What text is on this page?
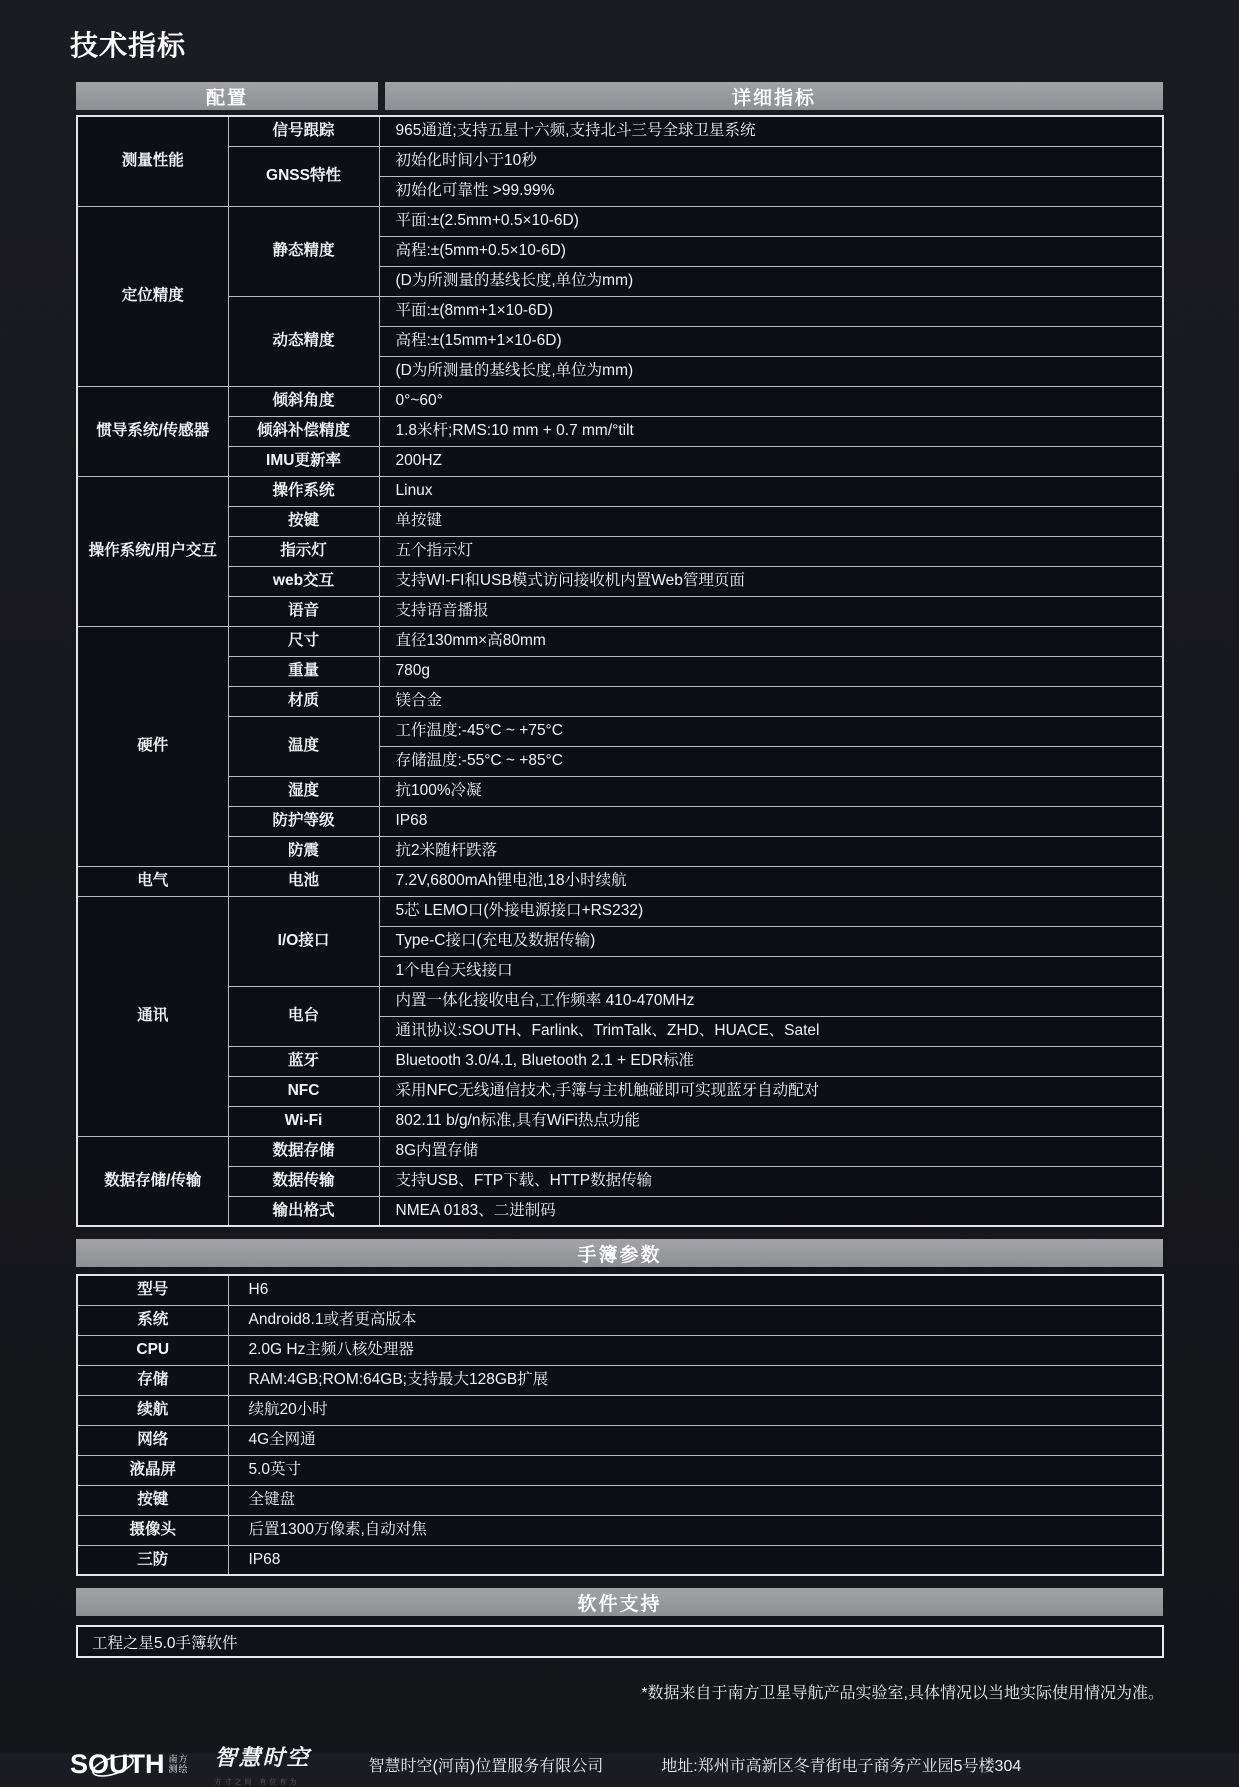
技术指标
配置	详细指标
测量性能	信号跟踪	965通道;支持五星十六频,支持北斗三号全球卫星系统
	GNSS特性	初始化时间小于10秒
		初始化可靠性 >99.99%
定位精度	静态精度	平面:±(2.5mm+0.5×10-6D)
		高程:±(5mm+0.5×10-6D)
		(D为所测量的基线长度,单位为mm)
	动态精度	平面:±(8mm+1×10-6D)
		高程:±(15mm+1×10-6D)
		(D为所测量的基线长度,单位为mm)
惯导系统/传感器	倾斜角度	0°~60°
	倾斜补偿精度	1.8米杆;RMS:10 mm + 0.7 mm/°tilt
	IMU更新率	200HZ
操作系统/用户交互	操作系统	Linux
	按键	单按键
	指示灯	五个指示灯
	web交互	支持WI-FI和USB模式访问接收机内置Web管理页面
	语音	支持语音播报
硬件	尺寸	直径130mm×高80mm
	重量	780g
	材质	镁合金
	温度	工作温度:-45°C ~ +75°C
		存储温度:-55°C ~ +85°C
	湿度	抗100%冷凝
	防护等级	IP68
	防震	抗2米随杆跌落
电气	电池	7.2V,6800mAh锂电池,18小时续航
通讯	I/O接口	5芯 LEMO口(外接电源接口+RS232)
		Type-C接口(充电及数据传输)
		1个电台天线接口
	电台	内置一体化接收电台,工作频率 410-470MHz
		通讯协议:SOUTH、Farlink、TrimTalk、ZHD、HUACE、Satel
	蓝牙	Bluetooth 3.0/4.1, Bluetooth 2.1 + EDR标准
	NFC	采用NFC无线通信技术,手簿与主机触碰即可实现蓝牙自动配对
	Wi-Fi	802.11 b/g/n标准,具有WiFi热点功能
数据存储/传输	数据存储	8G内置存储
	数据传输	支持USB、FTP下载、HTTP数据传输
	输出格式	NMEA 0183、二进制码
手簿参数
型号	H6
系统	Android8.1或者更高版本
CPU	2.0G Hz主频八核处理器
存储	RAM:4GB;ROM:64GB;支持最大128GB扩展
续航	续航20小时
网络	4G全网通
液晶屏	5.0英寸
按键	全键盘
摄像头	后置1300万像素,自动对焦
三防	IP68
软件支持
工程之星5.0手簿软件
*数据来自于南方卫星导航产品实验室,具体情况以当地实际使用情况为准。
SOUTH 南方
测绘 智慧时空
方寸之间 有位有为
智慧时空(河南)位置服务有限公司	地址:郑州市高新区冬青街电子商务产业园5号楼304
